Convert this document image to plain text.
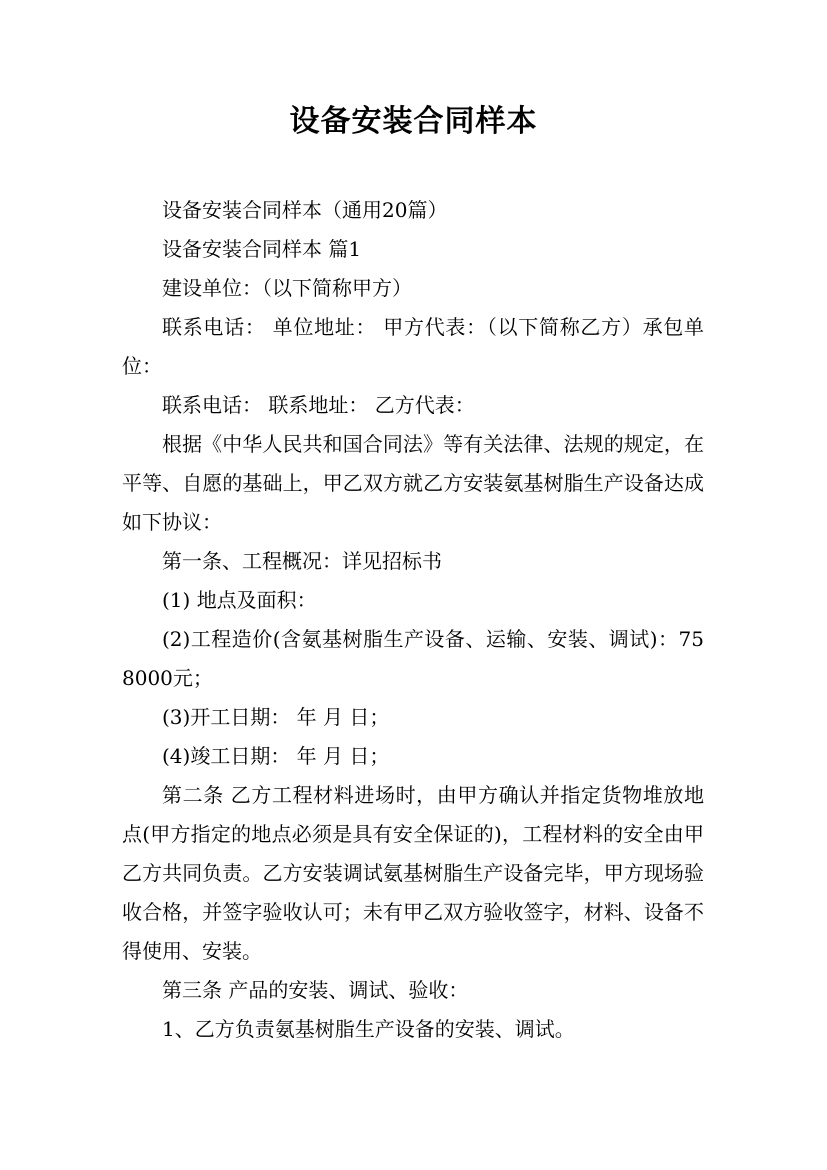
设备安装合同样本

设备安装合同样本（通用20篇）

设备安装合同样本 篇1

建设单位：（以下简称甲方）

联系电话： 单位地址： 甲方代表：（以下简称乙方）承包单位：

联系电话： 联系地址： 乙方代表：

根据《中华人民共和国合同法》等有关法律、法规的规定，在平等、自愿的基础上，甲乙双方就乙方安装氨基树脂生产设备达成如下协议：

第一条、工程概况：详见招标书

(1) 地点及面积：

(2)工程造价(含氨基树脂生产设备、运输、安装、调试)：758000元；

(3)开工日期： 年 月 日；

(4)竣工日期： 年 月 日；

第二条 乙方工程材料进场时，由甲方确认并指定货物堆放地点(甲方指定的地点必须是具有安全保证的)，工程材料的安全由甲乙方共同负责。乙方安装调试氨基树脂生产设备完毕，甲方现场验收合格，并签字验收认可；未有甲乙双方验收签字，材料、设备不得使用、安装。

第三条 产品的安装、调试、验收：

1、乙方负责氨基树脂生产设备的安装、调试。
